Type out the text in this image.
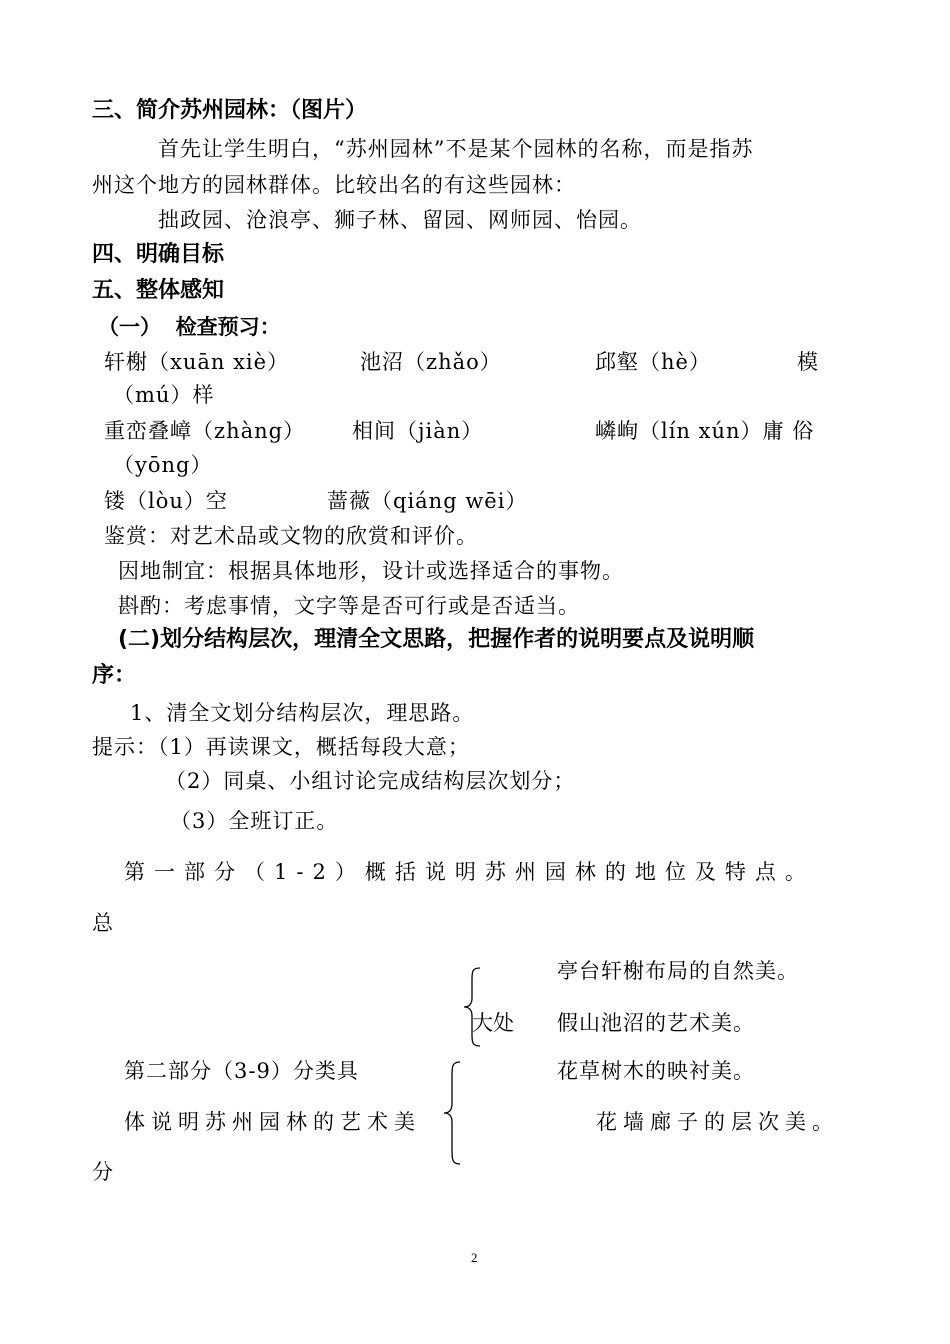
三、简介苏州园林：（图片）
首先让学生明白，“苏州园林”不是某个园林的名称，而是指苏
州这个地方的园林群体。比较出名的有这些园林：
拙政园、沧浪亭、狮子林、留园、网师园、怡园。
四、明确目标
五、整体感知
（一）  检查预习：
轩榭（xuān xiè）	池沼（zhǎo）	邱壑（hè）	模
（mú）样
重峦叠嶂（zhàng） 相间（jiàn）	嶙峋（lín xún）庸 俗
（yōng）
镂（lòu）空	蔷薇（qiáng wēi）
鉴赏：对艺术品或文物的欣赏和评价。
因地制宜：根据具体地形，设计或选择适合的事物。
斟酌：考虑事情，文字等是否可行或是否适当。
(二)划分结构层次，理清全文思路，把握作者的说明要点及说明顺
序：
1、清全文划分结构层次，理思路。
提示：（1）再读课文，概括每段大意；
（2）同桌、小组讨论完成结构层次划分；
（3）全班订正。
第一部分（1-2）概括说明苏州园林的地位及特点。
总
亭台轩榭布局的自然美。
大处 假山池沼的艺术美。
第二部分（3-9）分类具	花草树木的映衬美。
体说明苏州园林的艺术美	花墙廊子的层次美。
分
2
